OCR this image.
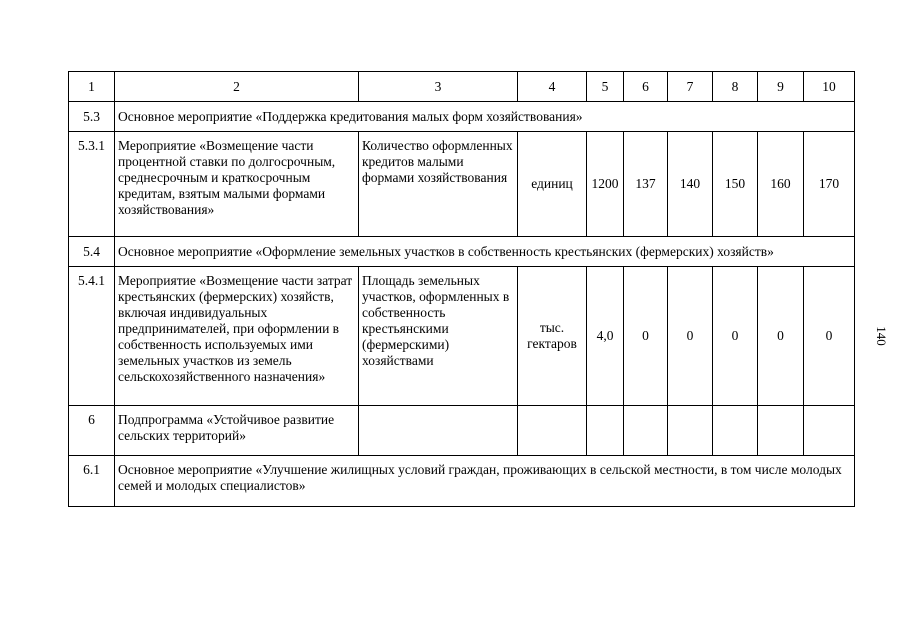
1	2	3	4	5	6	7	8	9	10
5.3	Основное мероприятие «Поддержка кредитования малых форм хозяйствования»								
5.3.1	Мероприятие «Возмещение части процентной ставки по долгосрочным, среднесрочным и краткосрочным кредитам, взятым малыми формами хозяйствования»	Количество оформленных кредитов малыми формами хозяйствования	единиц	1200	137	140	150	160	170
5.4	Основное мероприятие «Оформление земельных участков в собственность крестьянских (фермерских) хозяйств»								
5.4.1	Мероприятие «Возмещение части затрат крестьянских (фермерских) хозяйств, включая индивидуальных предпринимателей, при оформлении в собственность используемых ими земельных участков из земель сельскохозяйственного назначения»	Площадь земельных участков, оформленных в собственность крестьянскими (фермерскими) хозяйствами	тыс. гектаров	4,0	0	0	0	0	0
6	Подпрограмма «Устойчивое развитие сельских территорий»								

6.1	Основное мероприятие «Улучшение жилищных условий граждан, проживающих в сельской местности, в том числе молодых семей и молодых специалистов»								
140
